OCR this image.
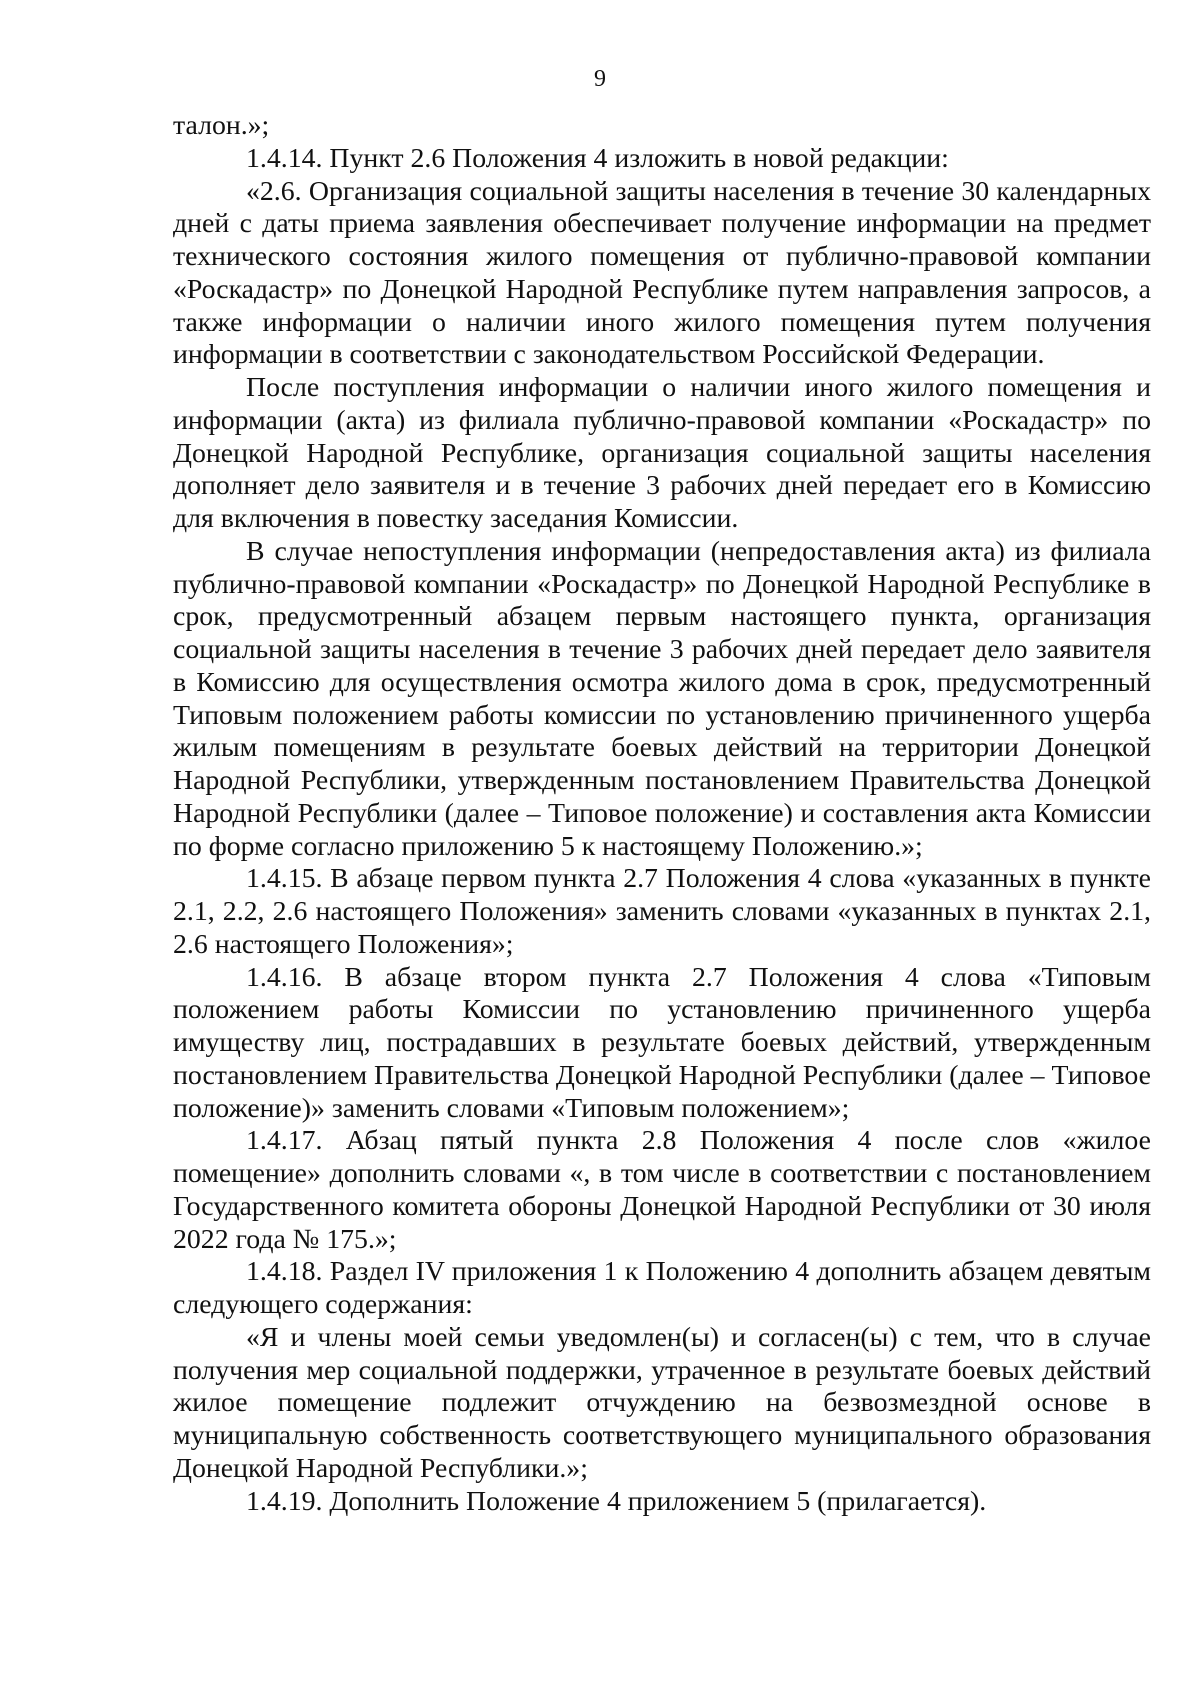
9

талон.»;

1.4.14. Пункт 2.6 Положения 4 изложить в новой редакции:

«2.6. Организация социальной защиты населения в течение 30 календарных дней с даты приема заявления обеспечивает получение информации на предмет технического состояния жилого помещения от публично-правовой компании «Роскадастр» по Донецкой Народной Республике путем направления запросов, а также информации о наличии иного жилого помещения путем получения информации в соответствии с законодательством Российской Федерации.

После поступления информации о наличии иного жилого помещения и информации (акта) из филиала публично-правовой компании «Роскадастр» по Донецкой Народной Республике, организация социальной защиты населения дополняет дело заявителя и в течение 3 рабочих дней передает его в Комиссию для включения в повестку заседания Комиссии.

В случае непоступления информации (непредоставления акта) из филиала публично-правовой компании «Роскадастр» по Донецкой Народной Республике в срок, предусмотренный абзацем первым настоящего пункта, организация социальной защиты населения в течение 3 рабочих дней передает дело заявителя в Комиссию для осуществления осмотра жилого дома в срок, предусмотренный Типовым положением работы комиссии по установлению причиненного ущерба жилым помещениям в результате боевых действий на территории Донецкой Народной Республики, утвержденным постановлением Правительства Донецкой Народной Республики (далее – Типовое положение) и составления акта Комиссии по форме согласно приложению 5 к настоящему Положению.»;

1.4.15. В абзаце первом пункта 2.7 Положения 4 слова «указанных в пункте 2.1, 2.2, 2.6 настоящего Положения» заменить словами «указанных в пунктах 2.1, 2.6 настоящего Положения»;

1.4.16. В абзаце втором пункта 2.7 Положения 4 слова «Типовым положением работы Комиссии по установлению причиненного ущерба имуществу лиц, пострадавших в результате боевых действий, утвержденным постановлением Правительства Донецкой Народной Республики (далее – Типовое положение)» заменить словами «Типовым положением»;

1.4.17. Абзац пятый пункта 2.8 Положения 4 после слов «жилое помещение» дополнить словами «, в том числе в соответствии с постановлением Государственного комитета обороны Донецкой Народной Республики от 30 июля 2022 года № 175.»;

1.4.18. Раздел IV приложения 1 к Положению 4 дополнить абзацем девятым следующего содержания:

«Я и члены моей семьи уведомлен(ы) и согласен(ы) с тем, что в случае получения мер социальной поддержки, утраченное в результате боевых действий жилое помещение подлежит отчуждению на безвозмездной основе в муниципальную собственность соответствующего муниципального образования Донецкой Народной Республики.»;

1.4.19. Дополнить Положение 4 приложением 5 (прилагается).
